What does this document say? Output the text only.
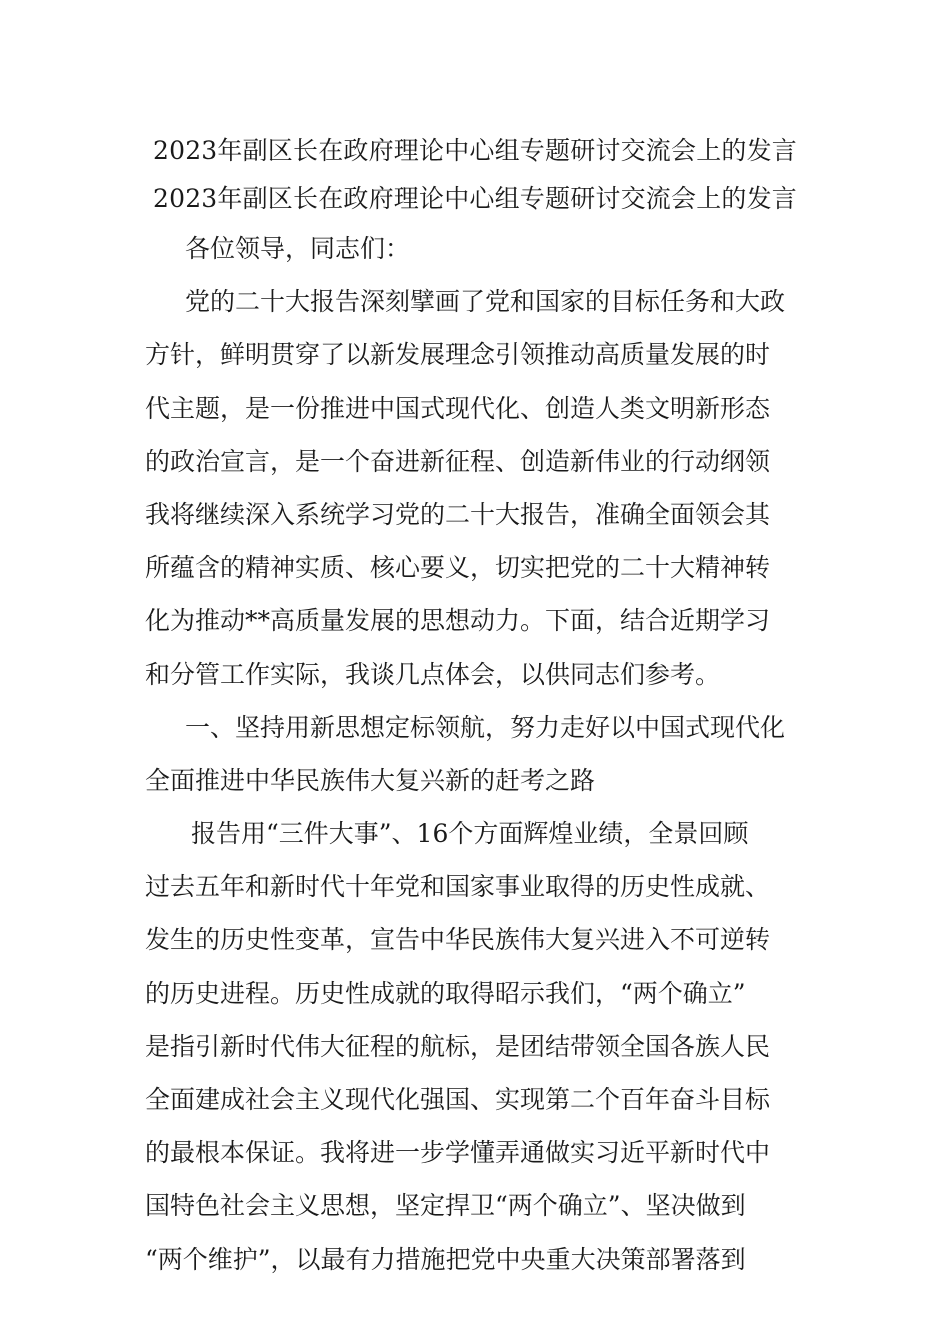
2023年副区长在政府理论中心组专题研讨交流会上的发言
2023年副区长在政府理论中心组专题研讨交流会上的发言
各位领导，同志们：
党的二十大报告深刻擘画了党和国家的目标任务和大政
方针，鲜明贯穿了以新发展理念引领推动高质量发展的时
代主题，是一份推进中国式现代化、创造人类文明新形态
的政治宣言，是一个奋进新征程、创造新伟业的行动纲领
我将继续深入系统学习党的二十大报告，准确全面领会其
所蕴含的精神实质、核心要义，切实把党的二十大精神转
化为推动**高质量发展的思想动力。下面，结合近期学习
和分管工作实际，我谈几点体会，以供同志们参考。
一、坚持用新思想定标领航，努力走好以中国式现代化
全面推进中华民族伟大复兴新的赶考之路
报告用“三件大事”、16个方面辉煌业绩，全景回顾
过去五年和新时代十年党和国家事业取得的历史性成就、
发生的历史性变革，宣告中华民族伟大复兴进入不可逆转
的历史进程。历史性成就的取得昭示我们，“两个确立”
是指引新时代伟大征程的航标，是团结带领全国各族人民
全面建成社会主义现代化强国、实现第二个百年奋斗目标
的最根本保证。我将进一步学懂弄通做实习近平新时代中
国特色社会主义思想，坚定捍卫“两个确立”、坚决做到
“两个维护”，以最有力措施把党中央重大决策部署落到
